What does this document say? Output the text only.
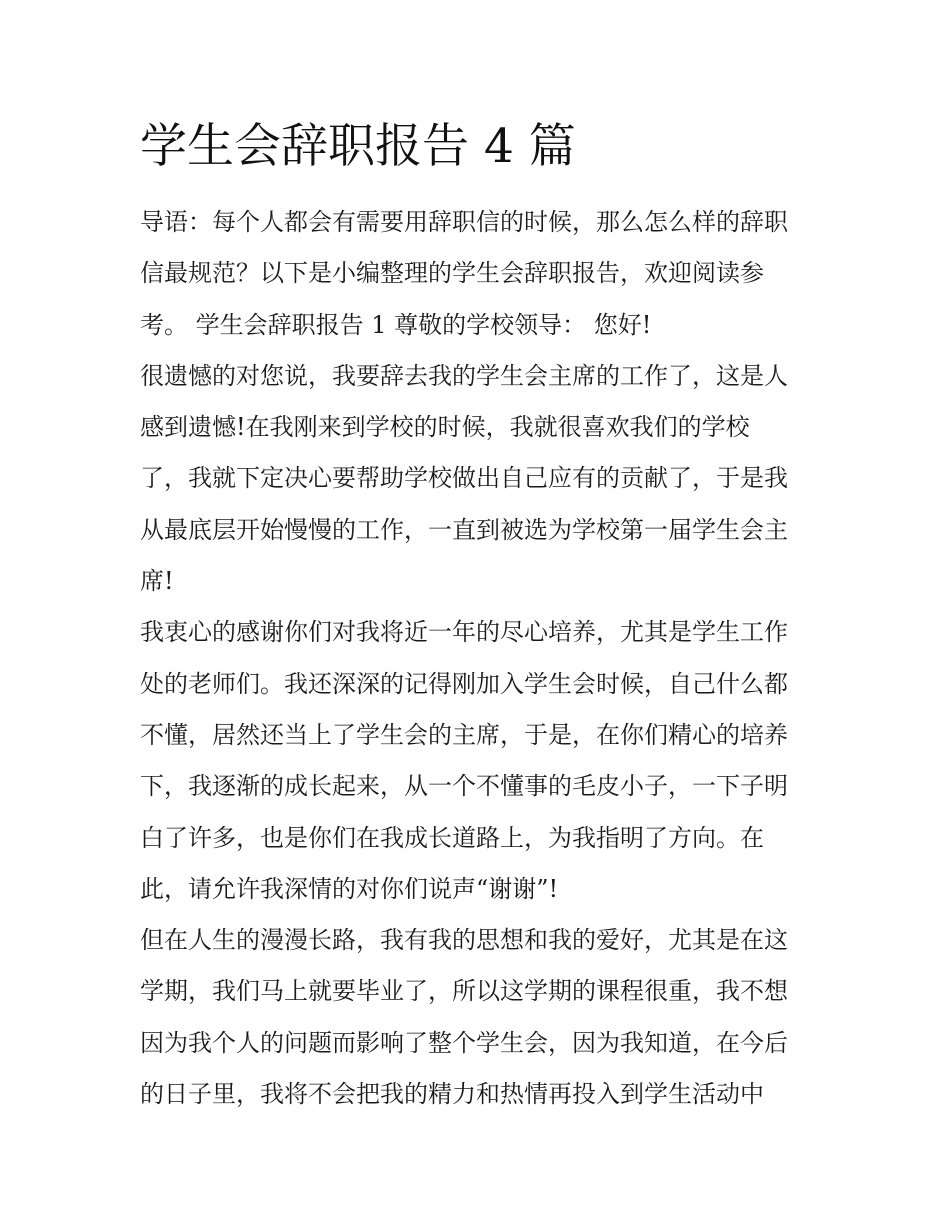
学生会辞职报告 4 篇

导语：每个人都会有需要用辞职信的时候，那么怎么样的辞职

信最规范？以下是小编整理的学生会辞职报告，欢迎阅读参

考。 学生会辞职报告 1 尊敬的学校领导： 您好!

很遗憾的对您说，我要辞去我的学生会主席的工作了，这是人

感到遗憾!在我刚来到学校的时候，我就很喜欢我们的学校

了，我就下定决心要帮助学校做出自己应有的贡献了，于是我

从最底层开始慢慢的工作，一直到被选为学校第一届学生会主

席!

我衷心的感谢你们对我将近一年的尽心培养，尤其是学生工作

处的老师们。我还深深的记得刚加入学生会时候，自己什么都

不懂，居然还当上了学生会的主席，于是，在你们精心的培养

下，我逐渐的成长起来，从一个不懂事的毛皮小子，一下子明

白了许多，也是你们在我成长道路上，为我指明了方向。在

此，请允许我深情的对你们说声“谢谢”!

但在人生的漫漫长路，我有我的思想和我的爱好，尤其是在这

学期，我们马上就要毕业了，所以这学期的课程很重，我不想

因为我个人的问题而影响了整个学生会，因为我知道，在今后

的日子里，我将不会把我的精力和热情再投入到学生活动中
